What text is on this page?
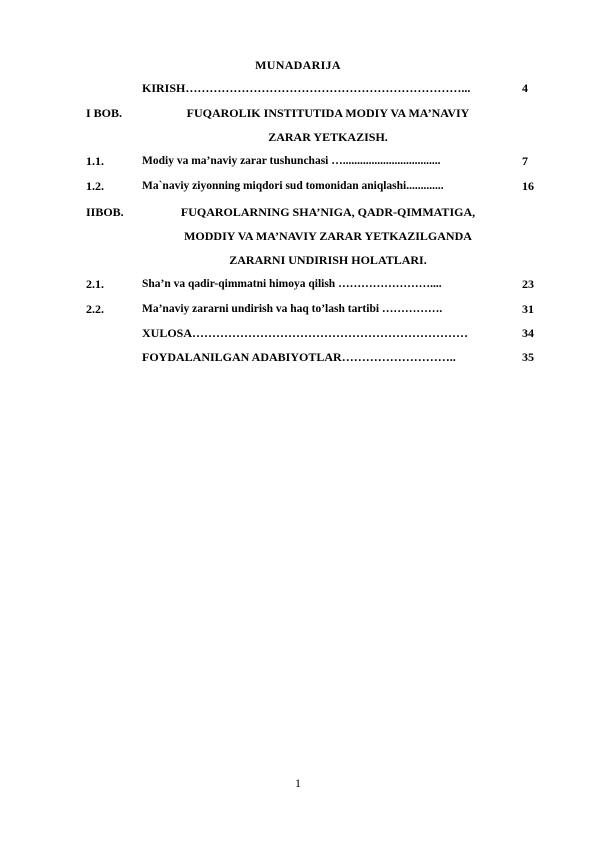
MUNADARIJA
KIRISH……………………………………………………………...	4
I BOB.	FUQAROLIK INSTITUTIDA MODIY VA MA’NAVIY
ZARAR YETKAZISH.
1.1.	Modiy va ma’naviy zarar tushunchasi …..................................	7
1.2.	Ma`naviy ziyonning miqdori sud tomonidan aniqlashi.............	16
IIBOB.	FUQAROLARNING SHA’NIGA, QADR-QIMMATIGA,
MODDIY VA MA’NAVIY ZARAR YETKAZILGANDA
ZARARNI UNDIRISH HOLATLARI.
2.1.	Sha’n va qadir-qimmatni himoya qilish ……………………....	23
2.2.	Ma’naviy zararni undirish va haq to’lash tartibi …………….	31
XULOSA……………………………………………………………	34
FOYDALANILGAN ADABIYOTLAR………………………..	35
1
